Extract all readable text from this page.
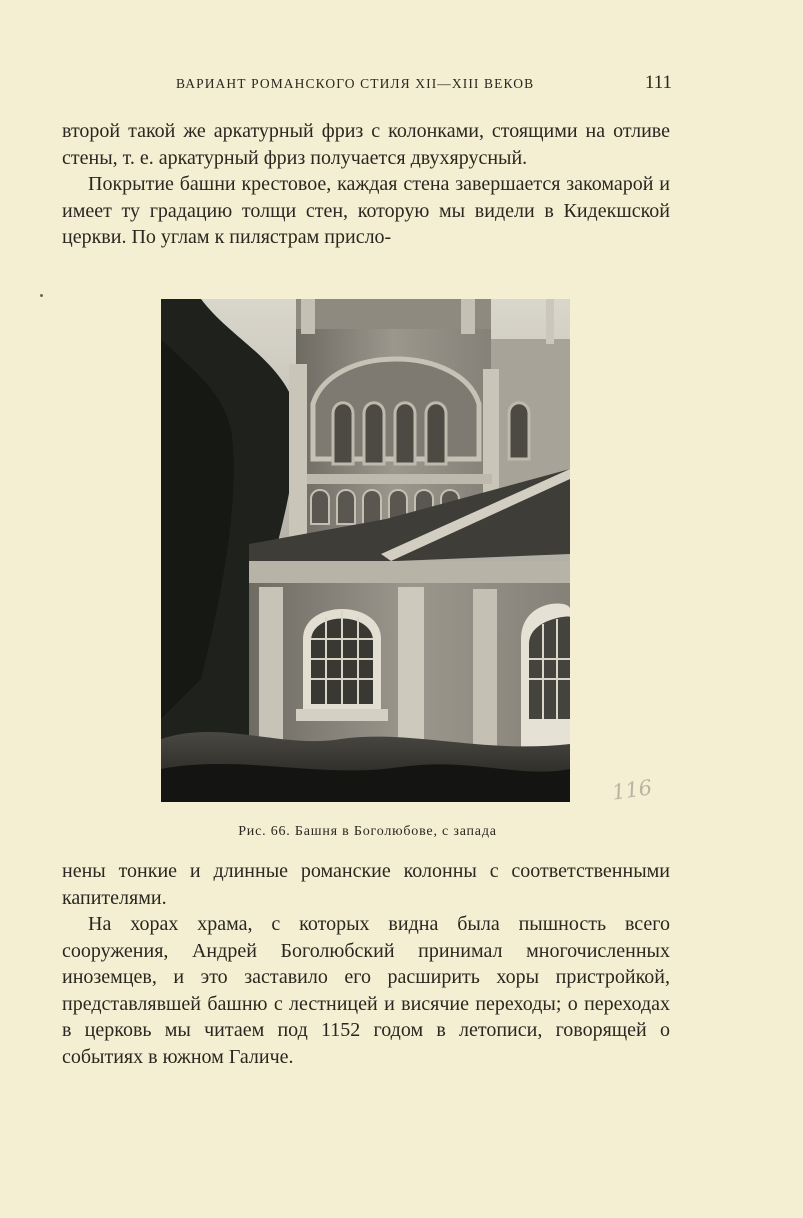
ВАРИАНТ РОМАНСКОГО СТИЛЯ XII—XIII ВЕКОВ	111

второй такой же аркатурный фриз с колонками, стоящими на отливе стены, т. е. аркатурный фриз получается двухярусный.

Покрытие башни крестовое, каждая стена завершается закомарой и имеет ту градацию толщи стен, которую мы видели в Кидекшской церкви. По углам к пилястрам присло-

Рис. 66. Башня в Боголюбове, с запада
116

нены тонкие и длинные романские колонны с соответственными капителями.

На хорах храма, с которых видна была пышность всего сооружения, Андрей Боголюбский принимал многочисленных иноземцев, и это заставило его расширить хоры пристройкой, представлявшей башню с лестницей и висячие переходы; о переходах в церковь мы читаем под 1152 годом в летописи, говорящей о событиях в южном Галиче.
